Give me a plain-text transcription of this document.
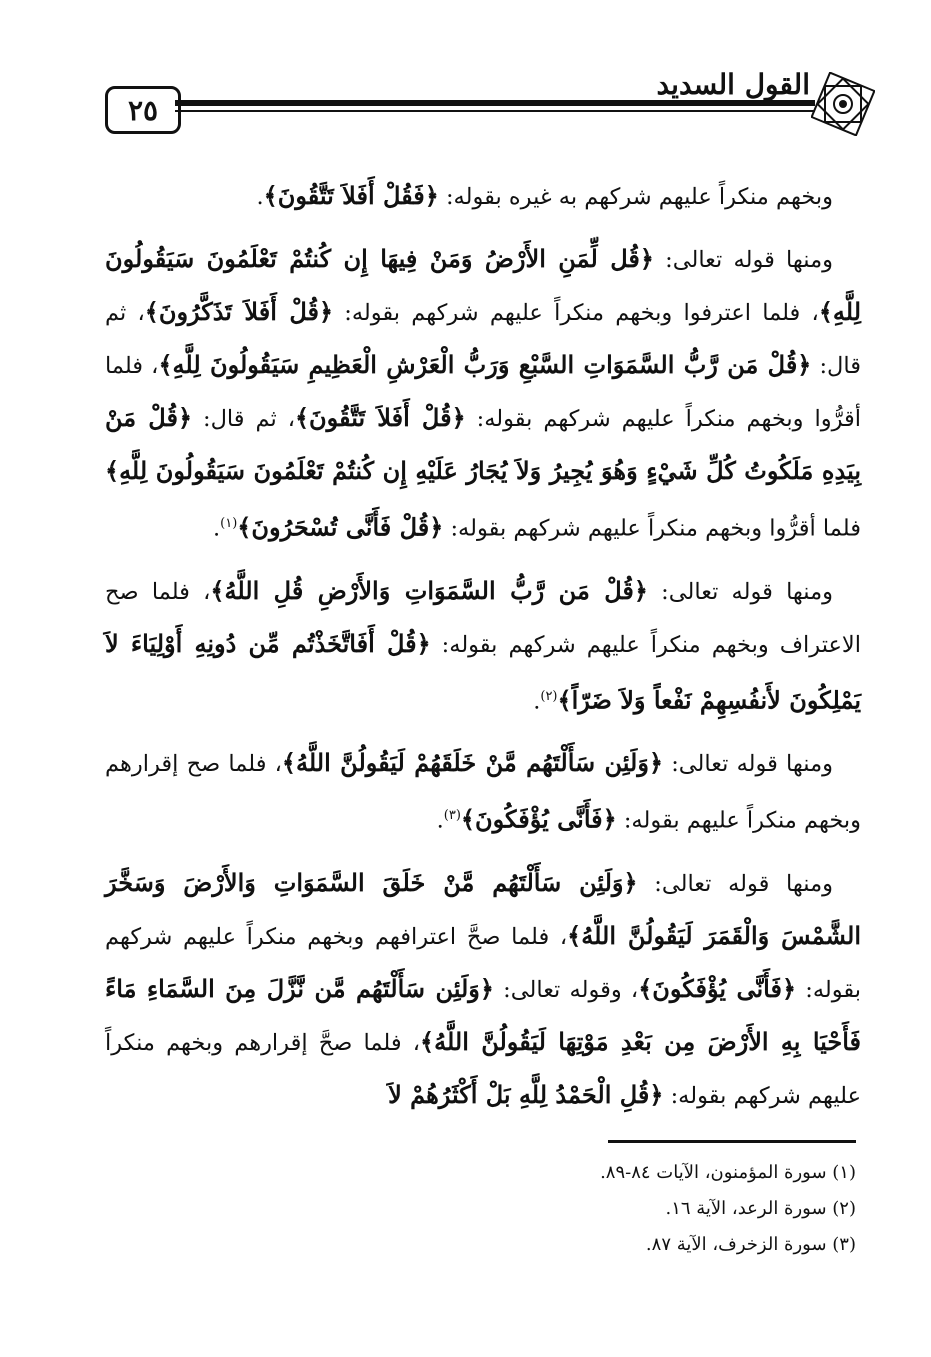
٢٥
القول السديد

وبخهم منكراً عليهم شركهم به غيره بقوله: ﴿فَقُلْ أَفَلاَ تَتَّقُونَ﴾.

ومنها قوله تعالى: ﴿قُل لِّمَنِ الأَرْضُ وَمَنْ فِيهَا إِن كُنتُمْ تَعْلَمُونَ سَيَقُولُونَ لِلَّهِ﴾، فلما اعترفوا وبخهم منكراً عليهم شركهم بقوله: ﴿قُلْ أَفَلاَ تَذَكَّرُونَ﴾، ثم قال: ﴿قُلْ مَن رَّبُّ السَّمَوَاتِ السَّبْعِ وَرَبُّ الْعَرْشِ الْعَظِيمِ سَيَقُولُونَ لِلَّهِ﴾، فلما أقرُّوا وبخهم منكراً عليهم شركهم بقوله: ﴿قُلْ أَفَلاَ تَتَّقُونَ﴾، ثم قال: ﴿قُلْ مَنْ بِيَدِهِ مَلَكُوتُ كُلِّ شَيْءٍ وَهُوَ يُجِيرُ وَلاَ يُجَارُ عَلَيْهِ إِن كُنتُمْ تَعْلَمُونَ سَيَقُولُونَ لِلَّهِ﴾فلما أقرُّوا وبخهم منكراً عليهم شركهم بقوله: ﴿قُلْ فَأَنَّى تُسْحَرُونَ﴾$^{(١)}$.

ومنها قوله تعالى: ﴿قُلْ مَن رَّبُّ السَّمَوَاتِ وَالأَرْضِ قُلِ اللَّهُ﴾، فلما صح الاعتراف وبخهم منكراً عليهم شركهم بقوله: ﴿قُلْ أَفَاتَّخَذْتُم مِّن دُونِهِ أَوْلِيَاءَ لاَ يَمْلِكُونَ لأَنفُسِهِمْ نَفْعاً وَلاَ ضَرّاً﴾$^{(٢)}$.

ومنها قوله تعالى: ﴿وَلَئِن سَأَلْتَهُم مَّنْ خَلَقَهُمْ لَيَقُولُنَّ اللَّهُ﴾، فلما صح إقرارهم وبخهم منكراً عليهم بقوله: ﴿فَأَنَّى يُؤْفَكُونَ﴾$^{(٣)}$.

ومنها قوله تعالى: ﴿وَلَئِن سَأَلْتَهُم مَّنْ خَلَقَ السَّمَوَاتِ وَالأَرْضَ وَسَخَّرَ الشَّمْسَ وَالْقَمَرَ لَيَقُولُنَّ اللَّهُ﴾، فلما صحَّ اعترافهم وبخهم منكراً عليهم شركهم بقوله: ﴿فَأَنَّى يُؤْفَكُونَ﴾، وقوله تعالى: ﴿وَلَئِن سَأَلْتَهُم مَّن نَّزَّلَ مِنَ السَّمَاءِ مَاءً فَأَحْيَا بِهِ الأَرْضَ مِن بَعْدِ مَوْتِهَا لَيَقُولُنَّ اللَّهُ﴾، فلما صحَّ إقرارهم وبخهم منكراً عليهم شركهم بقوله: ﴿قُلِ الْحَمْدُ لِلَّهِ بَلْ أَكْثَرُهُمْ لاَ

(١) سورة المؤمنون، الآيات ٨٤-٨٩.

(٢) سورة الرعد، الآية ١٦.

(٣) سورة الزخرف، الآية ٨٧.
